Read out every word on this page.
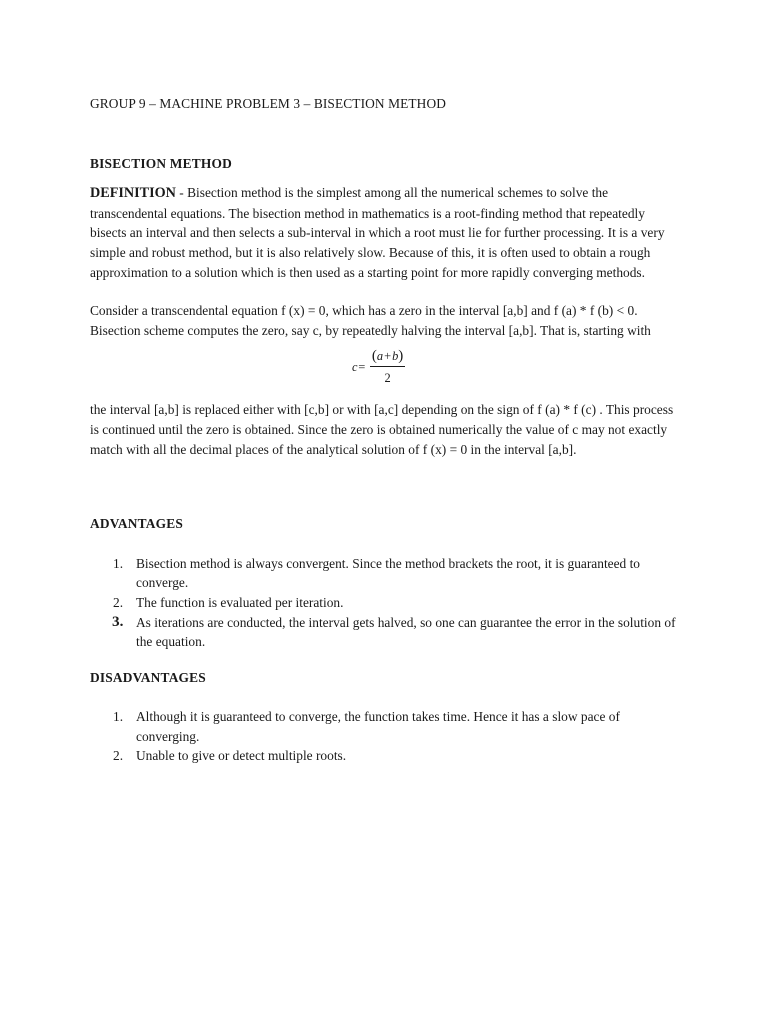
GROUP 9 – MACHINE PROBLEM 3 – BISECTION METHOD

BISECTION METHOD

DEFINITION - Bisection method is the simplest among all the numerical schemes to solve the transcendental equations. The bisection method in mathematics is a root-finding method that repeatedly bisects an interval and then selects a sub-interval in which a root must lie for further processing. It is a very simple and robust method, but it is also relatively slow. Because of this, it is often used to obtain a rough approximation to a solution which is then used as a starting point for more rapidly converging methods.

Consider a transcendental equation f (x) = 0, which has a zero in the interval [a,b] and f (a) * f (b) < 0. Bisection scheme computes the zero, say c, by repeatedly halving the interval [a,b]. That is, starting with

$c= \frac{(a+b)}{2}$

the interval [a,b] is replaced either with [c,b] or with [a,c] depending on the sign of f (a) * f (c) . This process is continued until the zero is obtained. Since the zero is obtained numerically the value of c may not exactly match with all the decimal places of the analytical solution of f (x) = 0 in the interval [a,b].

ADVANTAGES

1. Bisection method is always convergent. Since the method brackets the root, it is guaranteed to converge.
2. The function is evaluated per iteration.
3. As iterations are conducted, the interval gets halved, so one can guarantee the error in the solution of the equation.

DISADVANTAGES

1. Although it is guaranteed to converge, the function takes time. Hence it has a slow pace of converging.
2. Unable to give or detect multiple roots.
